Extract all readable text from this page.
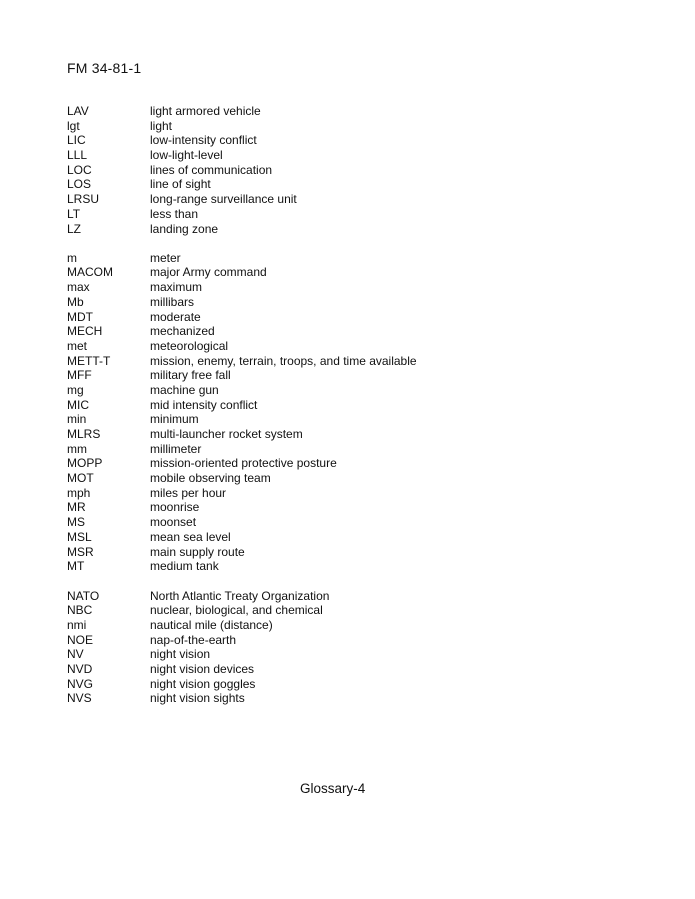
FM 34-81-1
LAV	light armored vehicle
lgt	light
LIC	low-intensity conflict
LLL	low-light-level
LOC	lines of communication
LOS	line of sight
LRSU	long-range surveillance unit
LT	less than
LZ	landing zone
m	meter
MACOM	major Army command
max	maximum
Mb	millibars
MDT	moderate
MECH	mechanized
met	meteorological
METT-T	mission, enemy, terrain, troops, and time available
MFF	military free fall
mg	machine gun
MIC	mid intensity conflict
min	minimum
MLRS	multi-launcher rocket system
mm	millimeter
MOPP	mission-oriented protective posture
MOT	mobile observing team
mph	miles per hour
MR	moonrise
MS	moonset
MSL	mean sea level
MSR	main supply route
MT	medium tank
NATO	North Atlantic Treaty Organization
NBC	nuclear, biological, and chemical
nmi	nautical mile (distance)
NOE	nap-of-the-earth
NV	night vision
NVD	night vision devices
NVG	night vision goggles
NVS	night vision sights
Glossary-4
